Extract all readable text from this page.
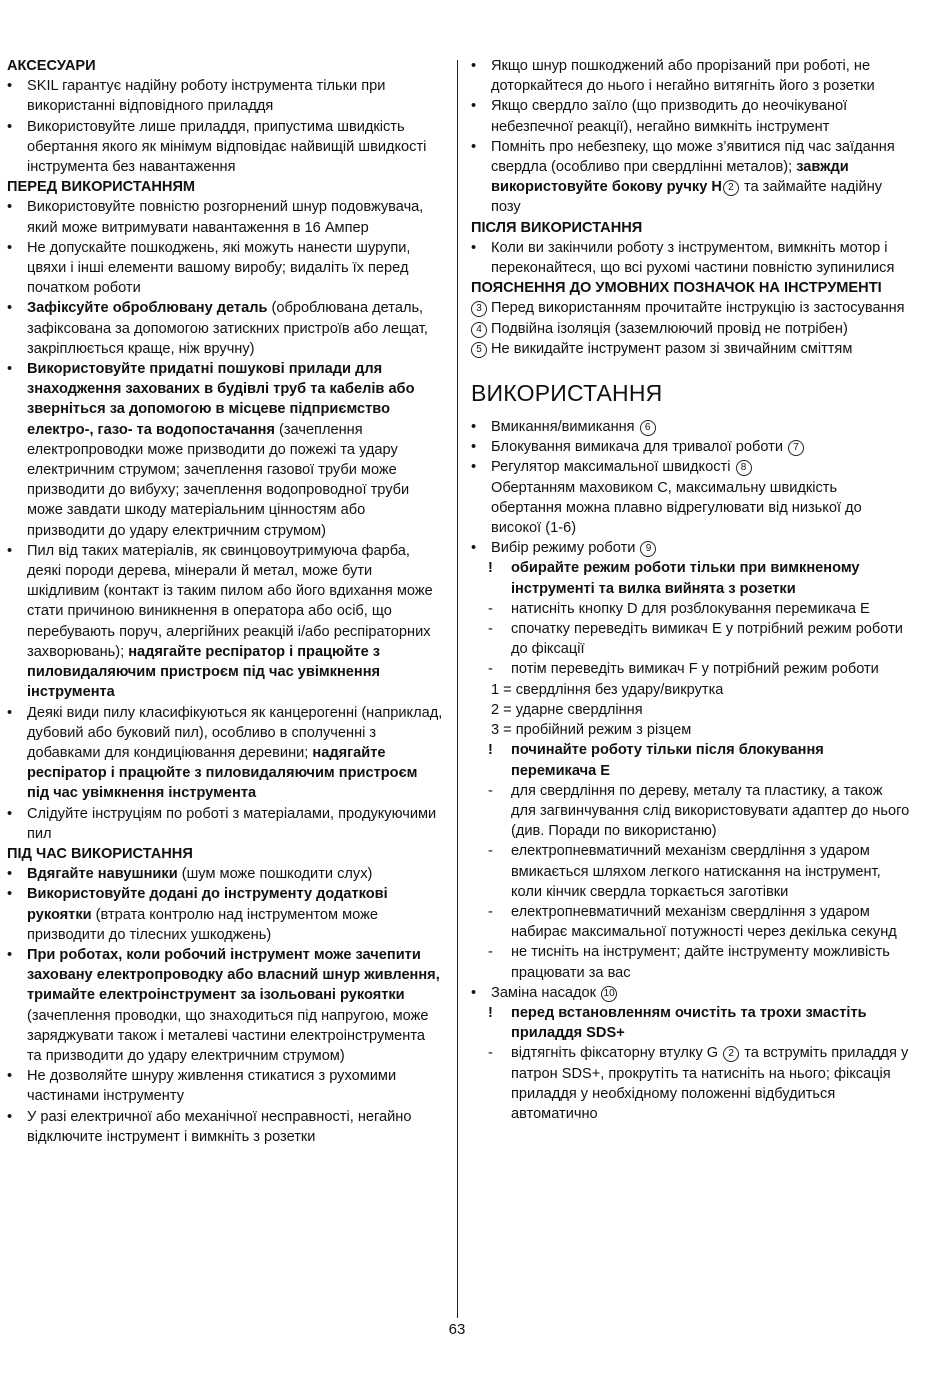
АКСЕСУАРИ
•	SKIL гарантує надійну роботу інструмента тільки при використанні відповідного приладдя
•	Використовуйте лише приладдя, припустима швидкість обертання якого як мінімум відповідає найвищій швидкості інструмента без навантаження
ПЕРЕД ВИКОРИСТАННЯМ
•	Використовуйте повністю розгорнений шнур подовжувача, який може витримувати навантаження в 16 Ампер
•	Не допускайте пошкоджень, які можуть нанести шурупи, цвяхи і інші елементи вашому виробу; видаліть їх перед початком роботи
•	Зафіксуйте оброблювану деталь (оброблювана деталь, зафіксована за допомогою затискних пристроїв або лещат, закріплюється краще, ніж вручну)
•	Використовуйте придатні пошукові прилади для знаходження захованих в будівлі труб та кабелів або зверніться за допомогою в місцеве підприємство електро-, газо- та водопостачання (зачеплення електропроводки може призводити до пожежі та удару електричним струмом; зачеплення газової труби може призводити до вибуху; зачеплення водопроводної труби може завдати шкоду матеріальним цінностям або призводити до удару електричним струмом)
•	Пил від таких матеріалів, як свинцовоутримуюча фарба, деякі породи дерева, мінерали й метал, може бути шкідливим (контакт із таким пилом або його вдихання може стати причиною виникнення в оператора або осіб, що перебувають поруч, алергійних реакцій і/або респіраторних захворювань); надягайте респіратор і працюйте з пиловидаляючим пристроєм під час увімкнення інструмента
•	Деякі види пилу класифікуються як канцерогенні (наприклад, дубовий або буковий пил), особливо в сполученні з добавками для кондиціювання деревини; надягайте респіратор і працюйте з пиловидаляючим пристроєм під час увімкнення інструмента
•	Слідуйте інструціям по роботі з матеріалами, продукуючими пил
ПІД ЧАС ВИКОРИСТАННЯ
•	Вдягайте навушники (шум може пошкодити слух)
•	Використовуйте додані до інструменту додаткові рукоятки (втрата контролю над інструментом може призводити до тілесних ушкоджень)
•	При роботах, коли робочий інструмент може зачепити заховану електропроводку або власний шнур живлення, тримайте електроінструмент за ізольовані рукоятки (зачеплення проводки, що знаходиться під напругою, може заряджувати також і металеві частини електроінструмента та призводити до удару електричним струмом)
•	Не дозволяйте шнуру живлення стикатися з рухомими частинами інструменту
•	У разі електричної або механічної несправності, негайно відключите інструмент і вимкніть з розетки
•	Якщо шнур пошкоджений або прорізаний при роботі, не доторкайтеся до нього і негайно витягніть його з розетки
•	Якщо свердло заїло (що призводить до неочікуваної небезпечної реакції), негайно вимкніть інструмент
•	Помніть про небезпеку, що може з’явитися під час заїдання свердла (особливо при свердлінні металов); завжди використовуйте бокову ручку H 2 та займайте надійну позу
ПІСЛЯ ВИКОРИСТАННЯ
•	Коли ви закінчили роботу з інструментом, вимкніть мотор і переконайтеся, що всі рухомі частини повністю зупинилися
ПОЯСНЕННЯ ДО УМОВНИХ ПОЗНАЧОК НА ІНСТРУМЕНТІ
3 Перед використанням прочитайте інструкцію із застосування
4 Подвійна ізоляція (заземлюючий провід не потрібен)
5 Не викидайте інструмент разом зі звичайним сміттям
ВИКОРИСТАННЯ
•	Вмикання/вимикання 6
•	Блокування вимикача для тривалої роботи 7
•	Регулятор максимальної швидкості 8
Обертанням маховиком C, максимальну швидкість обертання можна плавно відрегулювати від низької до високої (1-6)
•	Вибір режиму роботи 9
!	обирайте режим роботи тільки при вимкненому інструменті та вилка вийнята з розетки
-	натисніть кнопку D для розблокування перемикача E
-	спочатку переведіть вимикач E у потрібний режим роботи до фіксації
-	потім переведіть вимикач F у потрібний режим роботи
1 = свердління без удару/викрутка
2 = ударне свердління
3 = пробійний режим з різцем
!	починайте роботу тільки після блокування перемикача E
-	для свердління по дереву, металу та пластику, а також для загвинчування слід використовувати адаптер до нього (див. Поради по використаню)
-	електропневматичний механізм свердління з ударом вмикається шляхом легкого натискання на інструмент, коли кінчик свердла торкається заготівки
-	електропневматичний механізм свердління з ударом набирає максимальної потужності через декілька секунд
-	не тисніть на інструмент; дайте інструменту можливість працювати за вас
•	Заміна насадок 10
!	перед встановленням очистіть та трохи змастіть приладдя SDS+
-	відтягніть фіксаторну втулку G 2 та вструміть приладдя у патрон SDS+, прокрутіть та натисніть на нього; фіксація приладдя у необхідному положенні відбудиться автоматично
63
